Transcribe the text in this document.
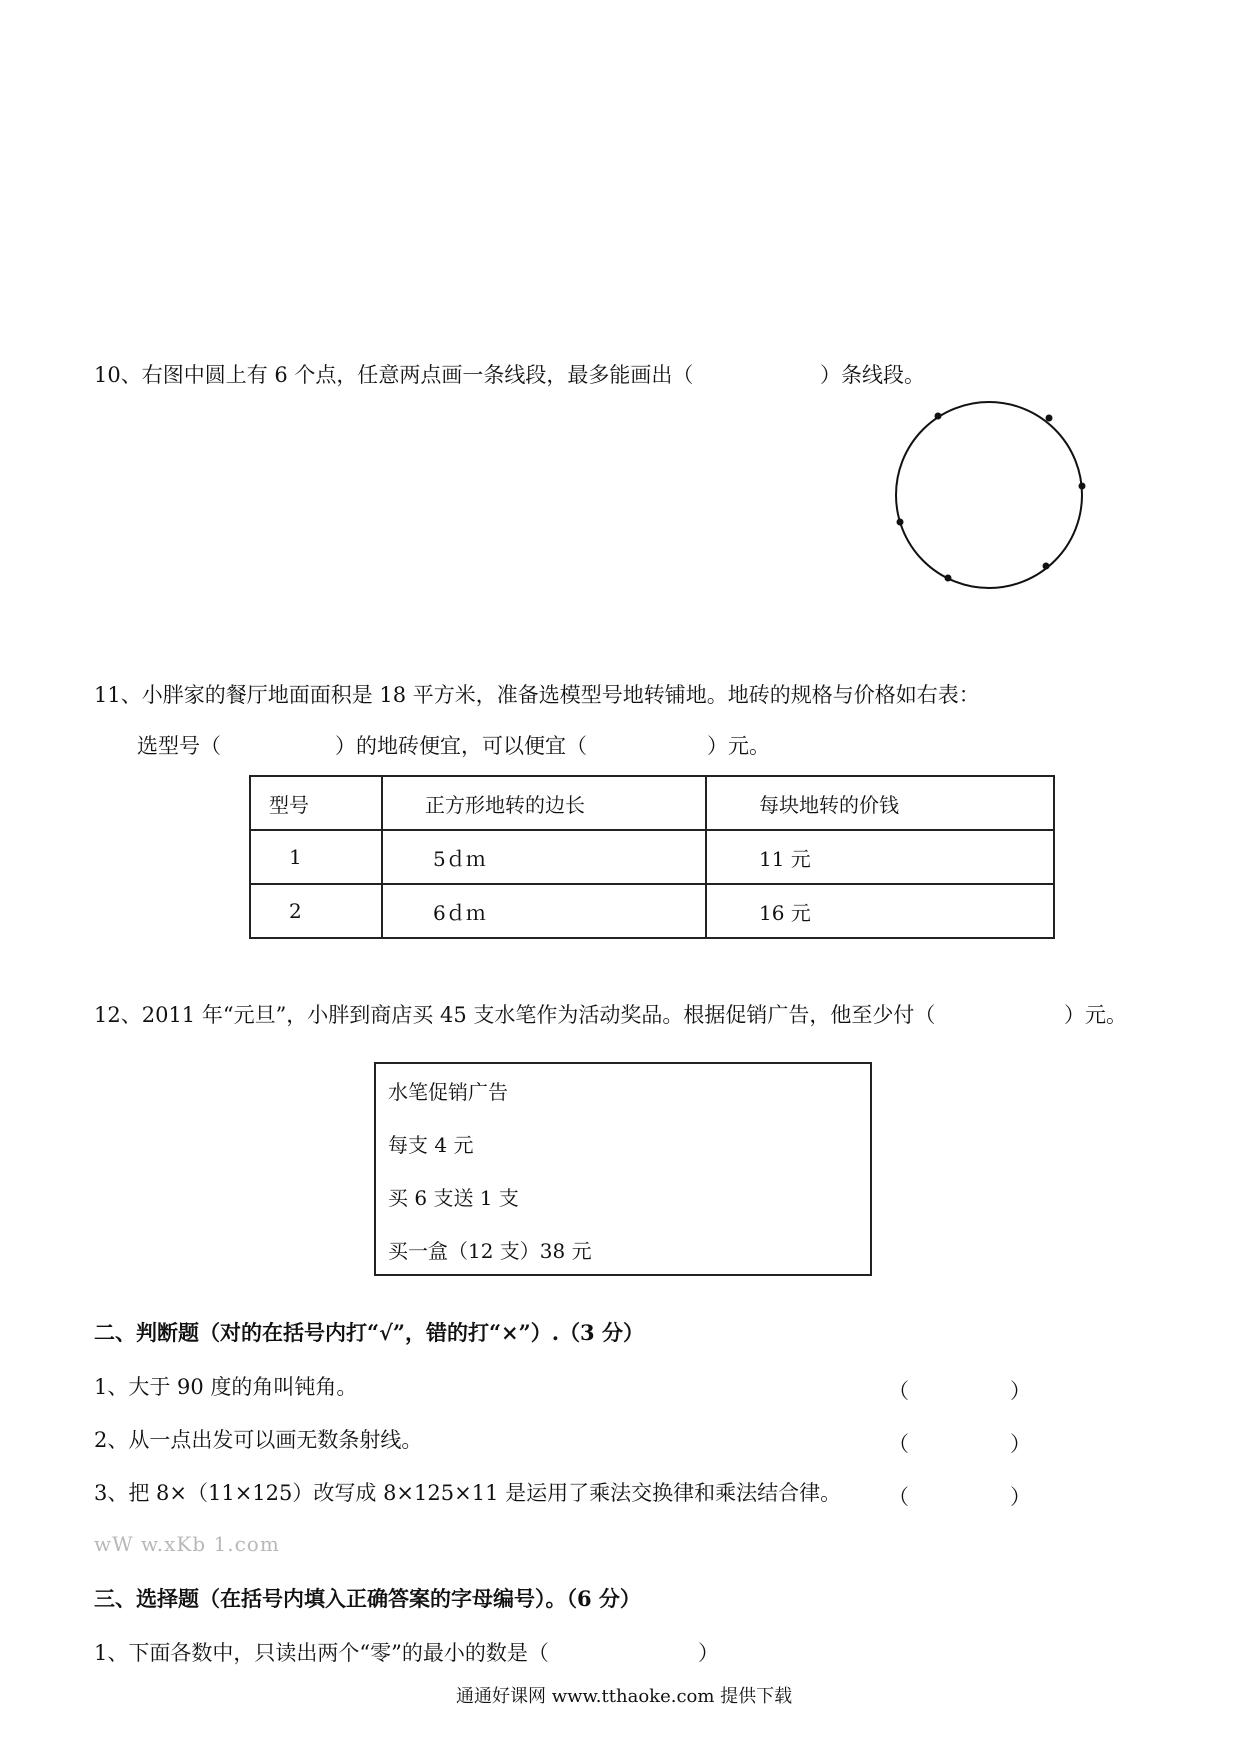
10、右图中圆上有 6 个点，任意两点画一条线段，最多能画出（	）条线段。
11、小胖家的餐厅地面面积是 18 平方米，准备选模型号地转铺地。地砖的规格与价格如右表：
选型号（	）的地砖便宜，可以便宜（	）元。
型号	正方形地转的边长	每块地转的价钱
1	5ｄｍ	11 元
2	6ｄｍ	16 元
12、2011 年“元旦”，小胖到商店买 45 支水笔作为活动奖品。根据促销广告，他至少付（	）元。
水笔促销广告
每支 4 元
买 6 支送 1 支
买一盒（12 支）38 元
二、判断题（对的在括号内打“√”，错的打“×”）.（3 分）
1、大于 90 度的角叫钝角。	（	）
2、从一点出发可以画无数条射线。	（	）
3、把 8×（11×125）改写成 8×125×11 是运用了乘法交换律和乘法结合律。 （	）
wW w.xKb 1.com
三、选择题（在括号内填入正确答案的字母编号）。（6 分）
1、下面各数中，只读出两个“零”的最小的数是（	）
通通好课网 www.tthaoke.com 提供下载
